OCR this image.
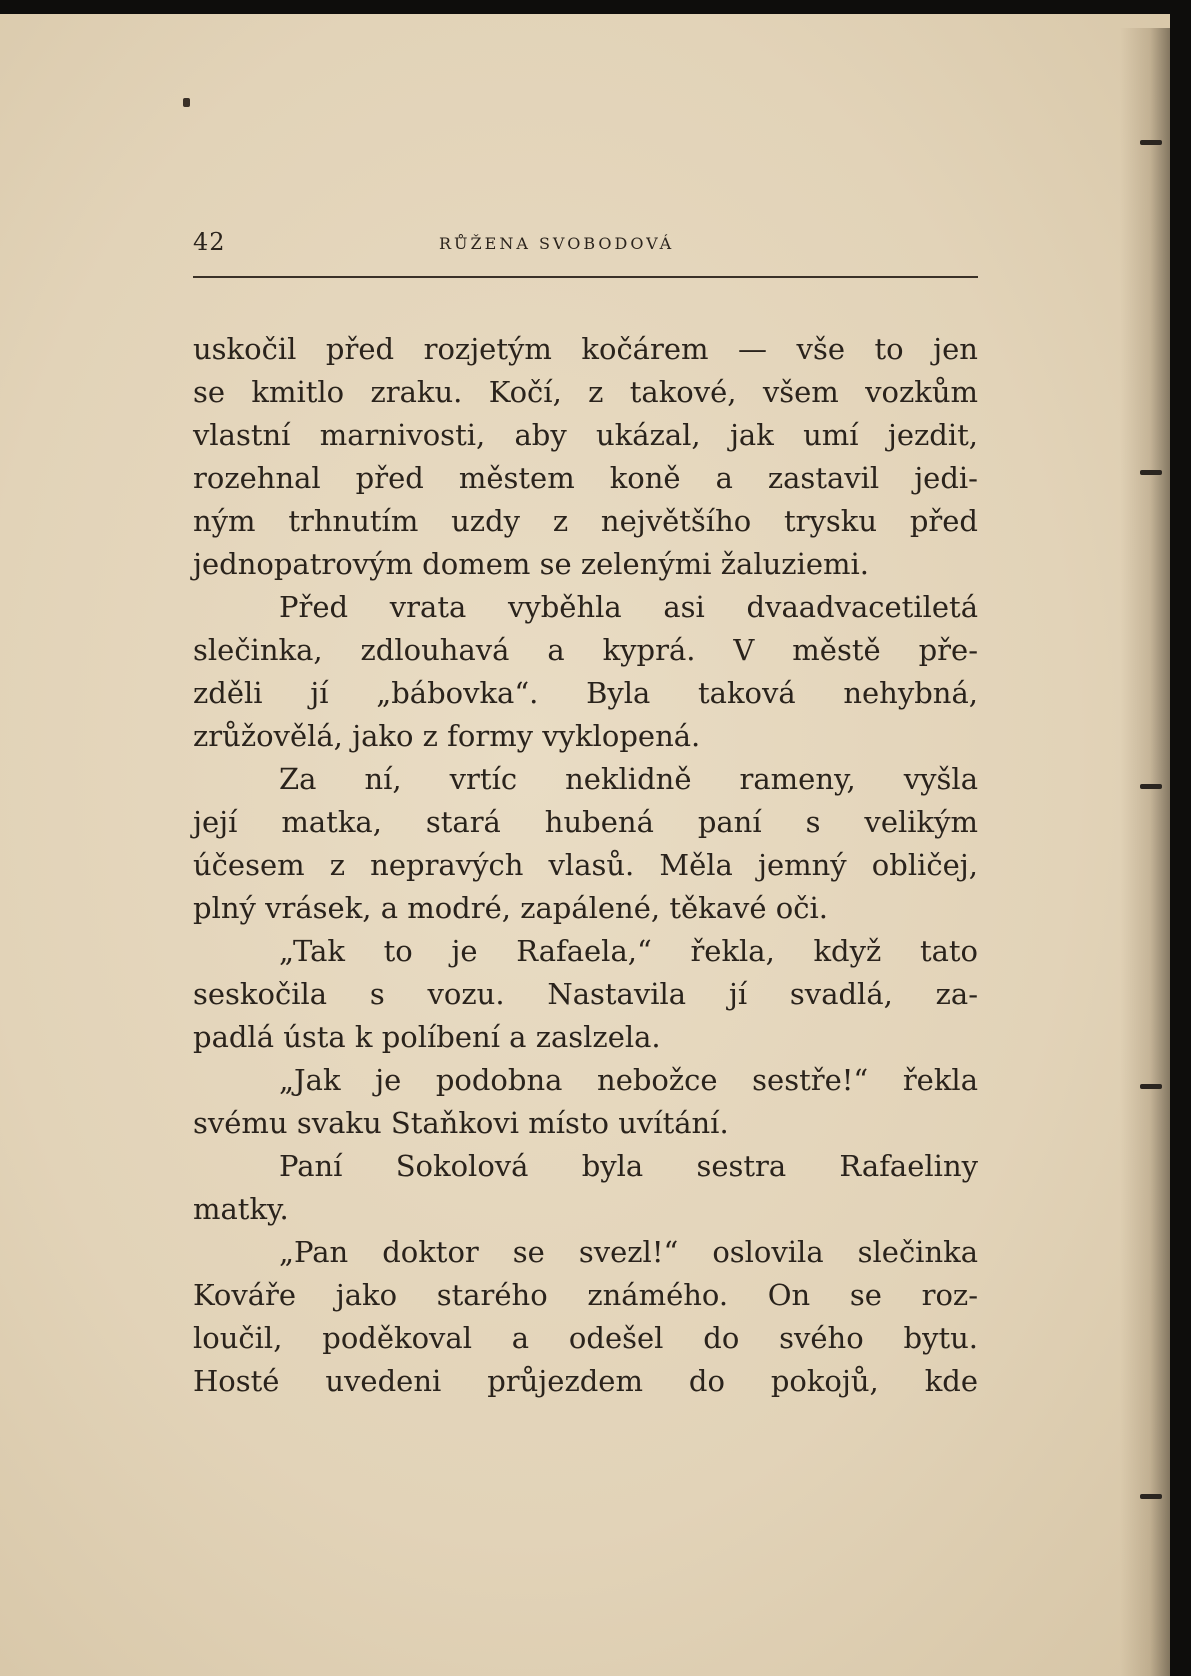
42	RŮŽENA SVOBODOVÁ
uskočil před rozjetým kočárem — vše to jen
se kmitlo zraku. Kočí, z takové, všem vozkům
vlastní marnivosti, aby ukázal, jak umí jezdit,
rozehnal před městem koně a zastavil jedi-
ným trhnutím uzdy z největšího trysku před
jednopatrovým domem se zelenými žaluziemi.
Před vrata vyběhla asi dvaadvacetiletá
slečinka, zdlouhavá a kyprá. V městě pře-
zděli jí „bábovka“. Byla taková nehybná,
zrůžovělá, jako z formy vyklopená.
Za ní, vrtíc neklidně rameny, vyšla
její matka, stará hubená paní s velikým
účesem z nepravých vlasů. Měla jemný obličej,
plný vrásek, a modré, zapálené, těkavé oči.
„Tak to je Rafaela,“ řekla, když tato
seskočila s vozu. Nastavila jí svadlá, za-
padlá ústa k políbení a zaslzela.
„Jak je podobna nebožce sestře!“ řekla
svému svaku Staňkovi místo uvítání.
Paní Sokolová byla sestra Rafaeliny
matky.
„Pan doktor se svezl!“ oslovila slečinka
Kováře jako starého známého. On se roz-
loučil, poděkoval a odešel do svého bytu.
Hosté uvedeni průjezdem do pokojů, kde
